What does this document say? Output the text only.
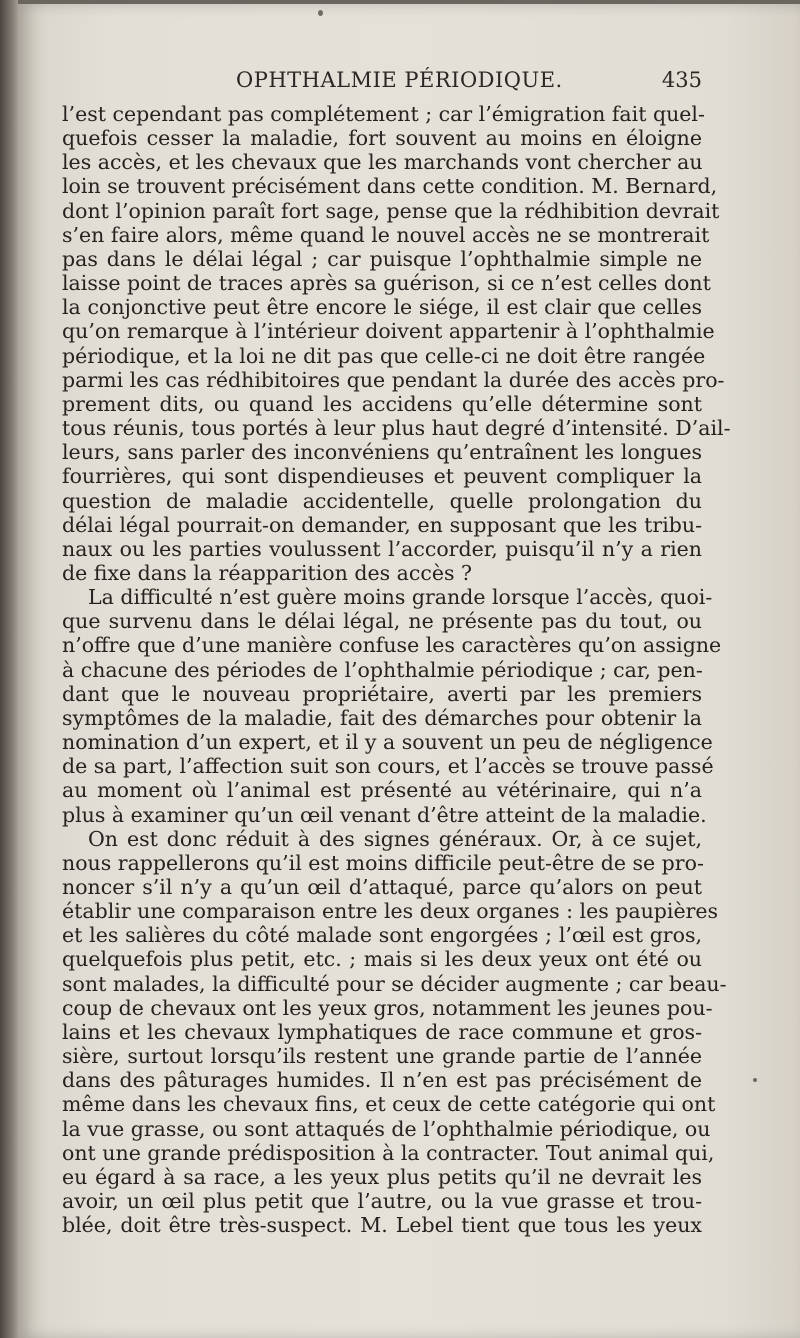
OPHTHALMIE PÉRIODIQUE.	435
l’est cependant pas complétement ; car l’émigration fait quel-
quefois cesser la maladie, fort souvent au moins en éloigne
les accès, et les chevaux que les marchands vont chercher au
loin se trouvent précisément dans cette condition. M. Bernard,
dont l’opinion paraît fort sage, pense que la rédhibition devrait
s’en faire alors, même quand le nouvel accès ne se montrerait
pas dans le délai légal ; car puisque l’ophthalmie simple ne
laisse point de traces après sa guérison, si ce n’est celles dont
la conjonctive peut être encore le siége, il est clair que celles
qu’on remarque à l’intérieur doivent appartenir à l’ophthalmie
périodique, et la loi ne dit pas que celle-ci ne doit être rangée
parmi les cas rédhibitoires que pendant la durée des accès pro-
prement dits, ou quand les accidens qu’elle détermine sont
tous réunis, tous portés à leur plus haut degré d’intensité. D’ail-
leurs, sans parler des inconvéniens qu’entraînent les longues
fourrières, qui sont dispendieuses et peuvent compliquer la
question de maladie accidentelle, quelle prolongation du
délai légal pourrait-on demander, en supposant que les tribu-
naux ou les parties voulussent l’accorder, puisqu’il n’y a rien
de fixe dans la réapparition des accès ?
La difficulté n’est guère moins grande lorsque l’accès, quoi-
que survenu dans le délai légal, ne présente pas du tout, ou
n’offre que d’une manière confuse les caractères qu’on assigne
à chacune des périodes de l’ophthalmie périodique ; car, pen-
dant que le nouveau propriétaire, averti par les premiers
symptômes de la maladie, fait des démarches pour obtenir la
nomination d’un expert, et il y a souvent un peu de négligence
de sa part, l’affection suit son cours, et l’accès se trouve passé
au moment où l’animal est présenté au vétérinaire, qui n’a
plus à examiner qu’un œil venant d’être atteint de la maladie.
On est donc réduit à des signes généraux. Or, à ce sujet,
nous rappellerons qu’il est moins difficile peut-être de se pro-
noncer s’il n’y a qu’un œil d’attaqué, parce qu’alors on peut
établir une comparaison entre les deux organes : les paupières
et les salières du côté malade sont engorgées ; l’œil est gros,
quelquefois plus petit, etc. ; mais si les deux yeux ont été ou
sont malades, la difficulté pour se décider augmente ; car beau-
coup de chevaux ont les yeux gros, notamment les jeunes pou-
lains et les chevaux lymphatiques de race commune et gros-
sière, surtout lorsqu’ils restent une grande partie de l’année
dans des pâturages humides. Il n’en est pas précisément de
même dans les chevaux fins, et ceux de cette catégorie qui ont
la vue grasse, ou sont attaqués de l’ophthalmie périodique, ou
ont une grande prédisposition à la contracter. Tout animal qui,
eu égard à sa race, a les yeux plus petits qu’il ne devrait les
avoir, un œil plus petit que l’autre, ou la vue grasse et trou-
blée, doit être très-suspect. M. Lebel tient que tous les yeux
